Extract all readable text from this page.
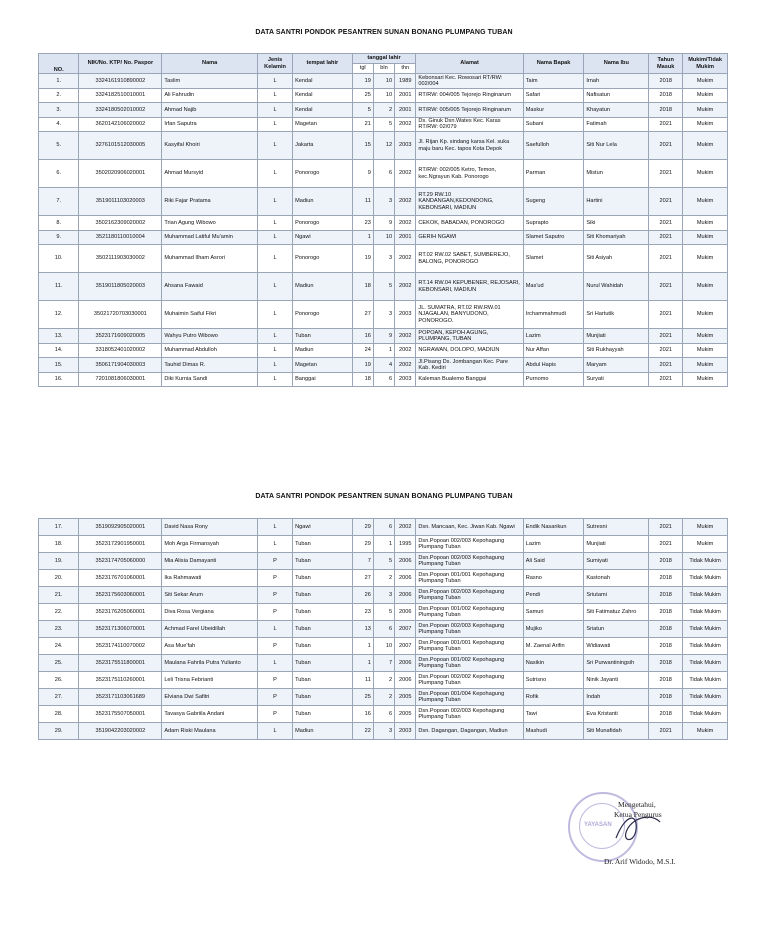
DATA SANTRI PONDOK PESANTREN SUNAN BONANG PLUMPANG TUBAN
NO.	NIK/No. KTP/ No. Paspor	Nama	Jenis Kelamin	tempat lahir	tanggal lahir			Alamat	Nama Bapak	Nama Ibu	Tahun Masuk	Mukim/Tidak Mukim
					tgl	bln	thn					
1.	3324161910890002	Taslim	L	Kendal	19	10	1989	Kebonsari Kec. Rowosari RT/RW: 002/004	Taim	Irnah	2018	Mukim
2.	3324182510010001	Ali Fahrudin	L	Kendal	25	10	2001	RT/RW: 004/005 Tejorejo Ringinarum	Safari	Nafisatun	2018	Mukim
3.	3324180502010002	Ahmad Najib	L	Kendal	5	2	2001	RT/RW: 005/005 Tejorejo Ringinarum	Maskur	Khayatun	2018	Mukim
4.	3620142106020002	Irfan Saputra	L	Magetan	21	5	2002	Ds. Ginuk Dsn.Wates Kec. Karas RT/RW: 02/079	Subani	Fatimah	2021	Mukim
5.	3276101512030005	Kasyifal Khoiri	L	Jakarta	15	12	2003	Jl. Rijan Kp. sindang karsa Kel. suka maju baru Kec. tapos Kota Depok	Saefulloh	Siti Nur Lela	2021	Mukim
6.	3502020906020001	Ahmad Mursyid	L	Ponorogo	9	6	2002	RT/RW: 002/005 Ketro, Temon, kec.Ngrayun Kab. Ponorogo	Parman	Mistun	2021	Mukim
7.	3519011103020003	Riki Fajar Pratama	L	Madiun	11	3	2002	RT.29 RW.10 KANDANGAN,KEDONDONG, KEBONSARI, MADIUN	Sugeng	Hartini	2021	Mukim
8.	3502162309020002	Trian Agung Wibowo	L	Ponorogo	23	9	2002	CEKOK, BABADAN, PONOROGO	Suprapto	Siki	2021	Mukim
9.	3521180110010004	Muhammad Latiful Mu'amin	L	Ngawi	1	10	2001	GERIH NGAWI	Slamet Saputro	Siti Khomariyah	2021	Mukim
10.	3502111903030002	Muhammad Ilham Asrori	L	Ponorogo	19	3	2002	RT.02 RW.02 SABET, SUMBEREJO, BALONG, PONOROGO	Slamet	Siti Asiyah	2021	Mukim
11.	3519011805020003	Ahsana Fawaid	L	Madiun	18	5	2002	RT.14 RW.04 KEPUBENER, REJOSARI, KEBONSARI, MADIUN	Mas'ud	Nurul Wahidah	2021	Mukim
12.	35021720703030001	Muhaimin Saiful Fikri	L	Ponorogo	27	3	2003	JL. SUMATRA, RT.02 RW.RW.01 NJAGALAN, BANYUDONO, PONOROGO.	Irchammahmudi	Sri Hartutik	2021	Mukim
13.	3523171609020005	Wahyu Putro Wibowo	L	Tuban	16	9	2002	POPOAN, KEPOH AGUNG, PLUMPANG, TUBAN	Lazim	Munjiati	2021	Mukim
14.	3318052401020002	Muhammad Abdulloh	L	Madiun	24	1	2002	NGRAWAN, DOLOPO, MADIUN	Nur Affan	Siti Rukhayyah	2021	Mukim
15.	3506171904030003	Tauhid Dimas R.	L	Magetan	19	4	2002	Jl.Pisang Ds. Jombangan Kec. Pare Kab. Kediri	Abdul Hapis	Maryam	2021	Mukim
16.	7201081806030001	Diki Kurnia Sandi	L	Banggai	18	6	2003	Kaleman Bualemo Banggai	Purnomo	Suryati	2021	Mukim
DATA SANTRI PONDOK PESANTREN SUNAN BONANG PLUMPANG TUBAN
17.	3519092905020001	David Nasa Rony	L	Ngawi	29	6	2002	Dsn. Mancaan, Kec. Jiwan Kab. Ngawi	Endik Nasarikun	Sutresni	2021	Mukim
18.	3523172901950001	Moh Arga Firmansyah	L	Tuban	29	1	1995	Dsn.Popoan 002/003 Kepohagung Plumpang Tuban	Lazim	Munjiati	2021	Mukim
19.	3523174705060000	Mia Alisia Damayanti	P	Tuban	7	5	2006	Dsn.Popoan 002/003 Kepohagung Plumpang Tuban	Ali Said	Sumiyati	2018	Tidak Mukim
20.	3523176701060001	Ika Rahmawati	P	Tuban	27	2	2006	Dsn.Popoan 001/001 Kepohagung Plumpang Tuban	Rasno	Kastonah	2018	Tidak Mukim
21.	3523175603060001	Siti Sekar Arum	P	Tuban	26	3	2006	Dsn.Popoan 002/003 Kepohagung Plumpang Tuban	Pendi	Sriutami	2018	Tidak Mukim
22.	3523176205060001	Diva Rosa Vergiana	P	Tuban	23	5	2006	Dsn.Popoan 001/002 Kepohagung Plumpang Tuban	Samuri	Siti Fatimatuz Zahro	2018	Tidak Mukim
23.	3523171306070001	Achmad Farel Ubeidillah	L	Tuban	13	6	2007	Dsn.Popoan 002/003 Kepohagung Plumpang Tuban	Mujiko	Sriatun	2018	Tidak Mukim
24.	3523174110070002	Asa Mue'fah	P	Tuban	1	10	2007	Dsn.Popoan 001/001 Kepohagung Plumpang Tuban	M. Zaenal Arifin	Widiawati	2018	Tidak Mukim
25.	3523175511800001	Maulana Fahrila Putra Yulianto	L	Tuban	1	7	2006	Dsn.Popoan 001/002 Kepohagung Plumpang Tuban	Nasikin	Sri Purwantiningsih	2018	Tidak Mukim
26.	3523175110260001	Leli Trisna Febrianti	P	Tuban	11	2	2006	Dsn.Popoan 002/002 Kepohagung Plumpang Tuban	Sutrisno	Ninik Jayanti	2018	Tidak Mukim
27.	3523171103061689	Elviana Dwi Safitri	P	Tuban	25	2	2005	Dsn.Popoan 001/004 Kepohagung Plumpang Tuban	Rofik	Indah	2018	Tidak Mukim
28.	3523175507050001	Tavasya Gabriila Andani	P	Tuban	16	6	2005	Dsn.Popoan 002/003 Kepohagung Plumpang Tuban	Tawi	Eva Kristanti	2018	Tidak Mukim
29.	3519042203020002	Adam Riski Maulana	L	Madiun	22	3	2003	Dsn. Dagangan, Dagangan, Madiun	Mashudi	Siti Munafidah	2021	Mukim
YAYASAN
Mengetahui,
Ketua Pengurus
Dr. Arif Widodo, M.S.I.
